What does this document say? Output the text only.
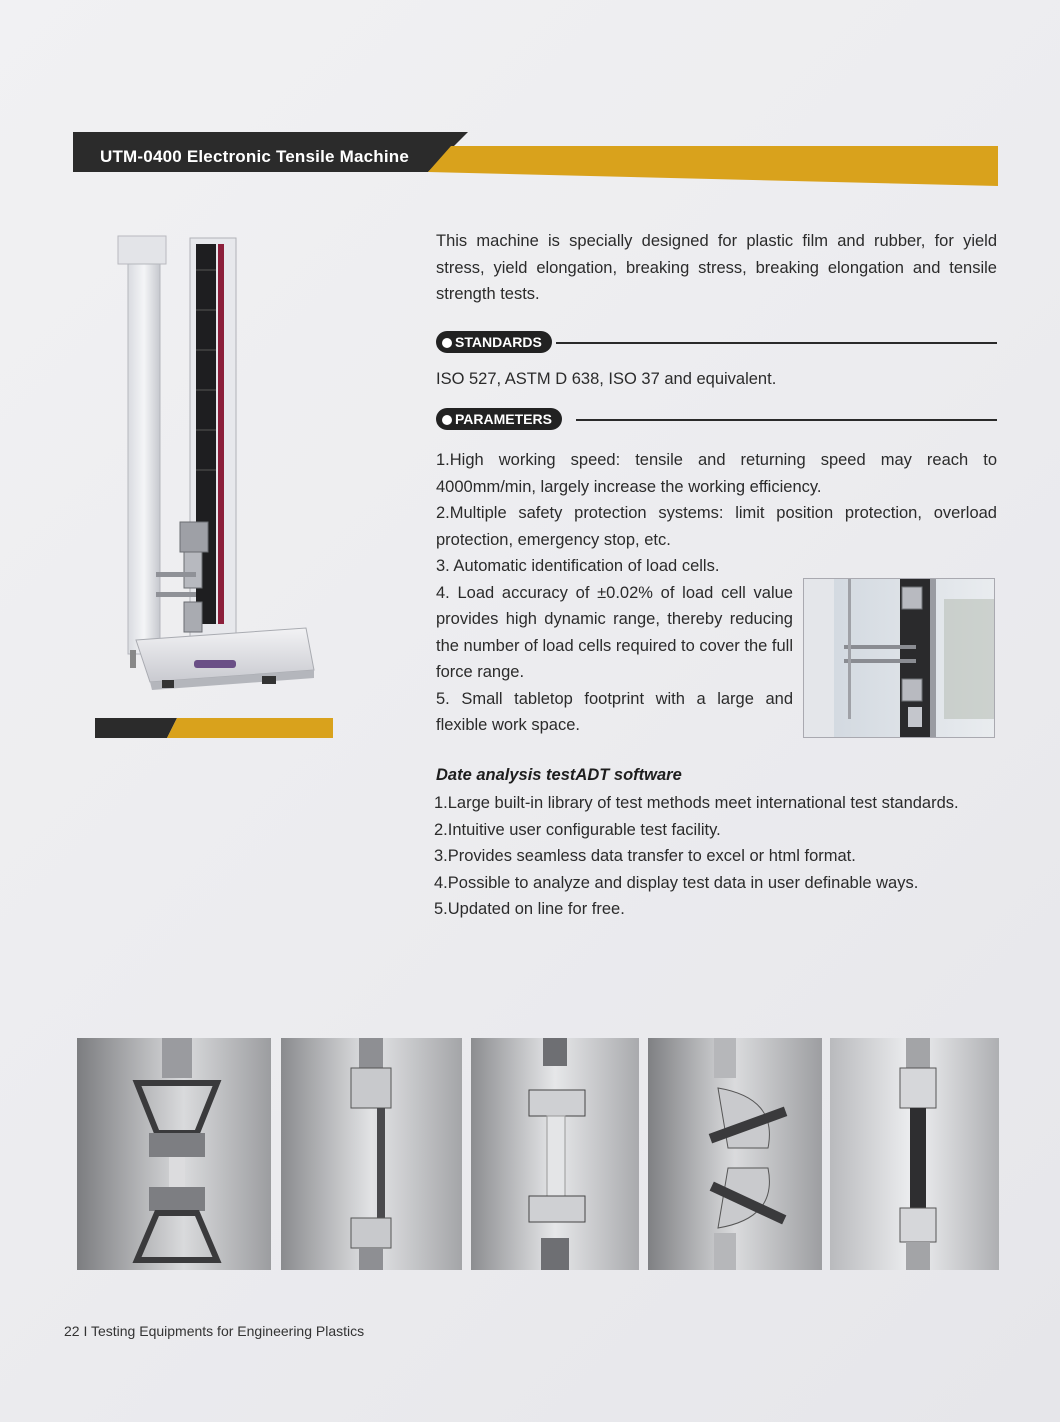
UTM-0400 Electronic Tensile Machine
This machine is specially designed for plastic film and rubber, for yield stress, yield elongation, breaking stress, breaking elongation and tensile strength tests.
STANDARDS
ISO 527, ASTM D 638, ISO 37 and equivalent.
PARAMETERS

1.High working speed: tensile and returning speed may reach to 4000mm/min, largely increase the working efficiency.

2.Multiple safety protection systems: limit position protection, overload protection, emergency stop, etc.

3. Automatic identification of load cells.

4. Load accuracy of ±0.02% of load cell value provides high dynamic range, thereby reducing the number of load cells required to cover the full force range.

5. Small tabletop footprint with a large and flexible work space.

Date analysis testADT software

1.Large built-in library of test methods meet international test standards.

2.Intuitive user configurable test facility.

3.Provides seamless data transfer to excel or html format.

4.Possible to analyze and display test data in user definable ways.

5.Updated on line for free.

22 I Testing Equipments for Engineering Plastics
